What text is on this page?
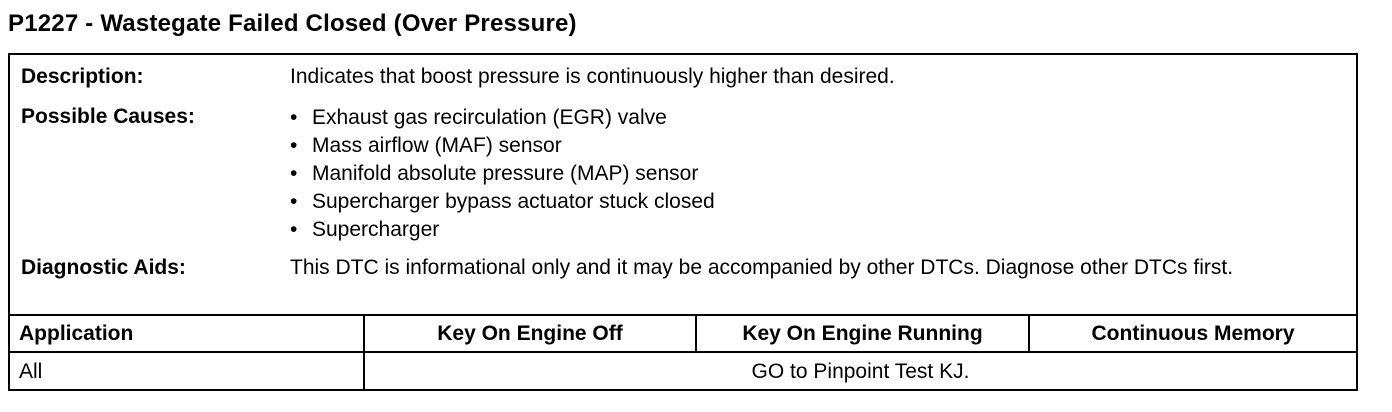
P1227 - Wastegate Failed Closed (Over Pressure)
Description:	Indicates that boost pressure is continuously higher than desired.
Possible Causes:
•	Exhaust gas recirculation (EGR) valve
• Mass airflow (MAF) sensor
• Manifold absolute pressure (MAP) sensor
• Supercharger bypass actuator stuck closed
• Supercharger
Diagnostic Aids:	This DTC is informational only and it may be accompanied by other DTCs. Diagnose other DTCs first.
Application	Key On Engine Off	Key On Engine Running	Continuous Memory
All	GO to Pinpoint Test KJ.
